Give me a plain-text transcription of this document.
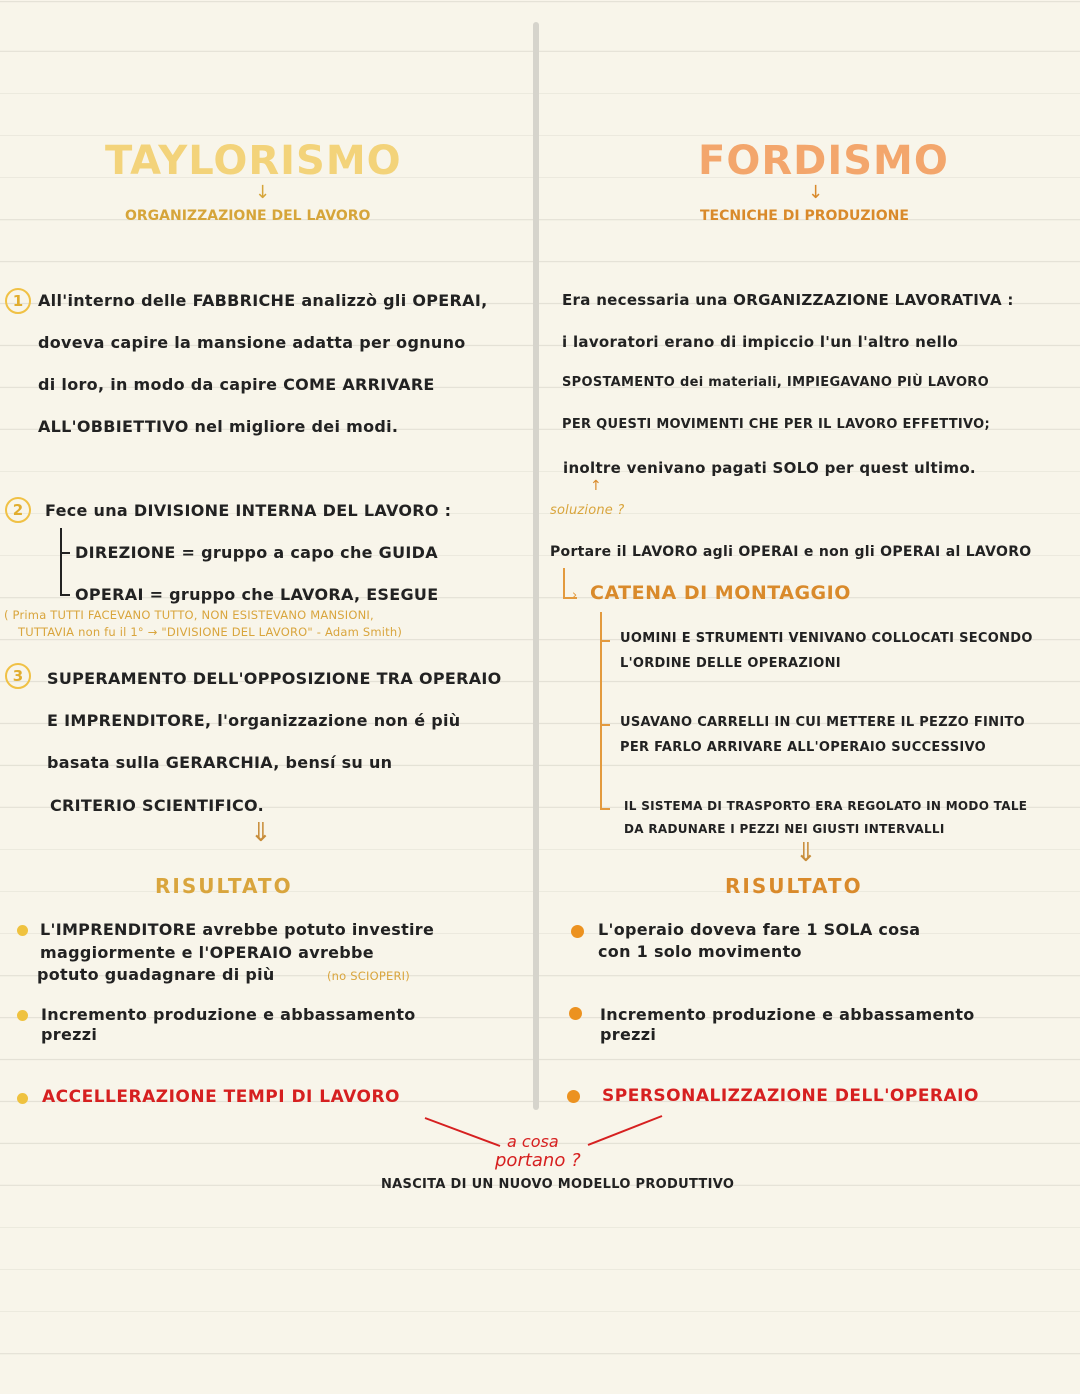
TAYLORISMO
↓
ORGANIZZAZIONE DEL LAVORO
1 All'interno delle FABBRICHE analizzò gli OPERAI,
doveva capire la mansione adatta per ognuno
di loro, in modo da capire COME ARRIVARE
ALL'OBBIETTIVO nel migliore dei modi.
2	Fece una DIVISIONE INTERNA DEL LAVORO :
DIREZIONE = gruppo a capo che GUIDA
OPERAI = gruppo che LAVORA, ESEGUE
( Prima TUTTI FACEVANO TUTTO, NON ESISTEVANO MANSIONI,
TUTTAVIA non fu il 1° → "DIVISIONE DEL LAVORO" - Adam Smith)
3	SUPERAMENTO DELL'OPPOSIZIONE TRA OPERAIO
E IMPRENDITORE, l'organizzazione non é più
basata sulla GERARCHIA, bensí su un
CRITERIO SCIENTIFICO.
⇓
RISULTATO
L'IMPRENDITORE avrebbe potuto investire
maggiormente e l'OPERAIO avrebbe
potuto guadagnare di più	(no SCIOPERI)
Incremento produzione e abbassamento
prezzi
ACCELLERAZIONE TEMPI DI LAVORO
FORDISMO
↓
TECNICHE DI PRODUZIONE
Era necessaria una ORGANIZZAZIONE LAVORATIVA :
i lavoratori erano di impiccio l'un l'altro nello
SPOSTAMENTO dei materiali, IMPIEGAVANO PIÙ LAVORO
PER QUESTI MOVIMENTI CHE PER IL LAVORO EFFETTIVO;
inoltre venivano pagati SOLO per quest ultimo.
↑
soluzione ?
Portare il LAVORO agli OPERAI e non gli OPERAI al LAVORO
› CATENA DI MONTAGGIO
UOMINI E STRUMENTI VENIVANO COLLOCATI SECONDO
L'ORDINE DELLE OPERAZIONI
USAVANO CARRELLI IN CUI METTERE IL PEZZO FINITO
PER FARLO ARRIVARE ALL'OPERAIO SUCCESSIVO
IL SISTEMA DI TRASPORTO ERA REGOLATO IN MODO TALE
DA RADUNARE I PEZZI NEI GIUSTI INTERVALLI
⇓
RISULTATO
L'operaio doveva fare 1 SOLA cosa
con 1 solo movimento
Incremento produzione e abbassamento
prezzi
SPERSONALIZZAZIONE DELL'OPERAIO
a cosa
portano ?
NASCITA DI UN NUOVO MODELLO PRODUTTIVO
